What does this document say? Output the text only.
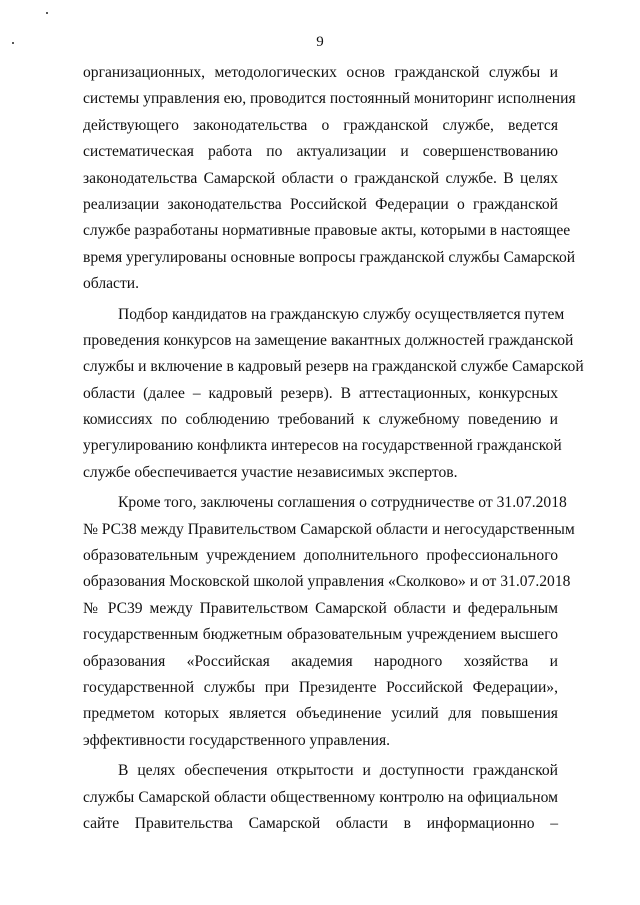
9
организационных, методологических основ гражданской службы и
системы управления ею, проводится постоянный мониторинг исполнения
действующего законодательства о гражданской службе, ведется
систематическая работа по актуализации и совершенствованию
законодательства Самарской области о гражданской службе. В целях
реализации законодательства Российской Федерации о гражданской
службе разработаны нормативные правовые акты, которыми в настоящее
время урегулированы основные вопросы гражданской службы Самарской
области.
Подбор кандидатов на гражданскую службу осуществляется путем
проведения конкурсов на замещение вакантных должностей гражданской
службы и включение в кадровый резерв на гражданской службе Самарской
области (далее – кадровый резерв). В аттестационных, конкурсных
комиссиях по соблюдению требований к служебному поведению и
урегулированию конфликта интересов на государственной гражданской
службе обеспечивается участие независимых экспертов.
Кроме того, заключены соглашения о сотрудничестве от 31.07.2018
№ РС38 между Правительством Самарской области и негосударственным
образовательным учреждением дополнительного профессионального
образования Московской школой управления «Сколково» и от 31.07.2018
№ РС39 между Правительством Самарской области и федеральным
государственным бюджетным образовательным учреждением высшего
образования «Российская академия народного хозяйства и
государственной службы при Президенте Российской Федерации»,
предметом которых является объединение усилий для повышения
эффективности государственного управления.
В целях обеспечения открытости и доступности гражданской
службы Самарской области общественному контролю на официальном
сайте Правительства Самарской области в информационно –
